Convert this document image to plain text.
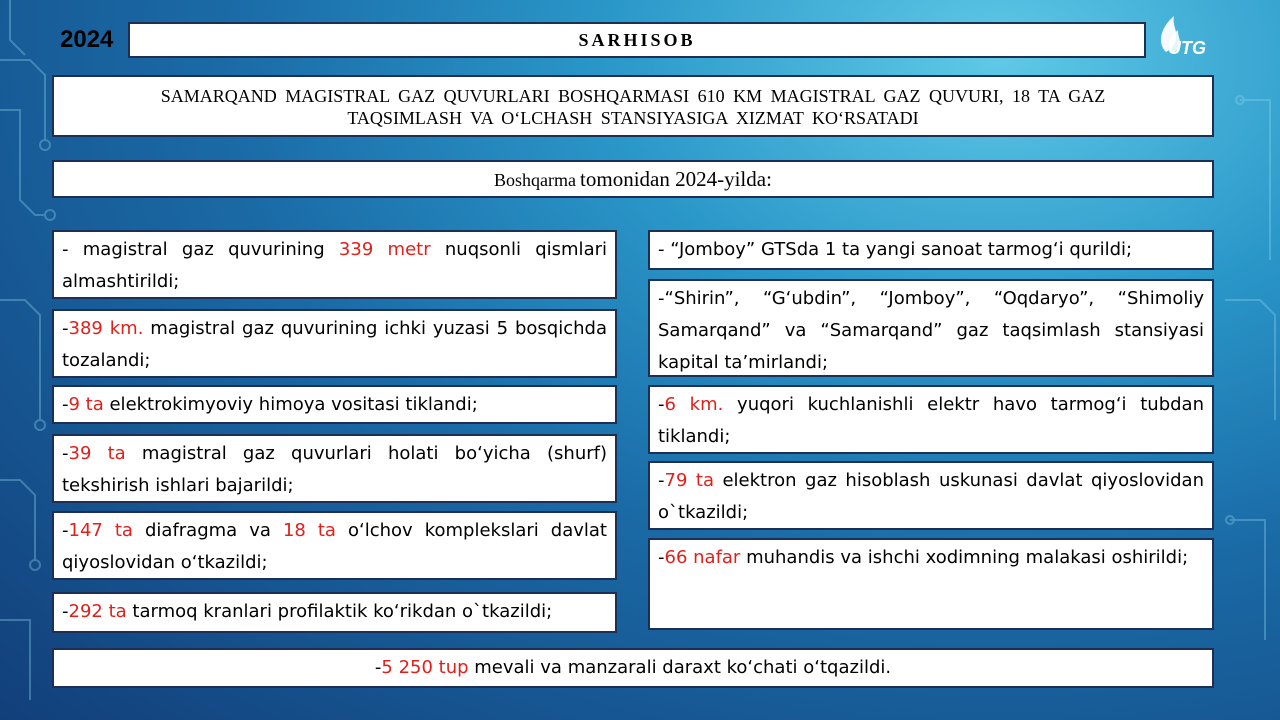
2024	SARHISOB	UTG
SAMARQAND MAGISTRAL GAZ QUVURLARI BOSHQARMASI 610 KM MAGISTRAL GAZ QUVURI, 18 TA GAZ
TAQSIMLASH VA O‘LCHASH STANSIYASIGA XIZMAT KO‘RSATADI
Boshqarma tomonidan 2024-yilda:
- magistral gaz quvurining 339 metr nuqsonli qismlari almashtirildi;
-389 km. magistral gaz quvurining ichki yuzasi 5 bosqichda tozalandi;
-9 ta elektrokimyoviy himoya vositasi tiklandi;
-39 ta magistral gaz quvurlari holati bo‘yicha (shurf) tekshirish ishlari bajarildi;
-147 ta diafragma va 18 ta o‘lchov komplekslari davlat qiyoslovidan o‘tkazildi;
-292 ta tarmoq kranlari profilaktik ko‘rikdan o`tkazildi;
- “Jomboy” GTSda 1 ta yangi sanoat tarmog‘i qurildi;
-“Shirin”, “G‘ubdin”, “Jomboy”, “Oqdaryo”, “Shimoliy Samarqand” va “Samarqand” gaz taqsimlash stansiyasi kapital ta’mirlandi;
-6 km. yuqori kuchlanishli elektr havo tarmog‘i tubdan tiklandi;
-79 ta elektron gaz hisoblash uskunasi davlat qiyoslovidan o`tkazildi;
-66 nafar muhandis va ishchi xodimning malakasi oshirildi;
-5 250 tup mevali va manzarali daraxt ko‘chati o‘tqazildi.
